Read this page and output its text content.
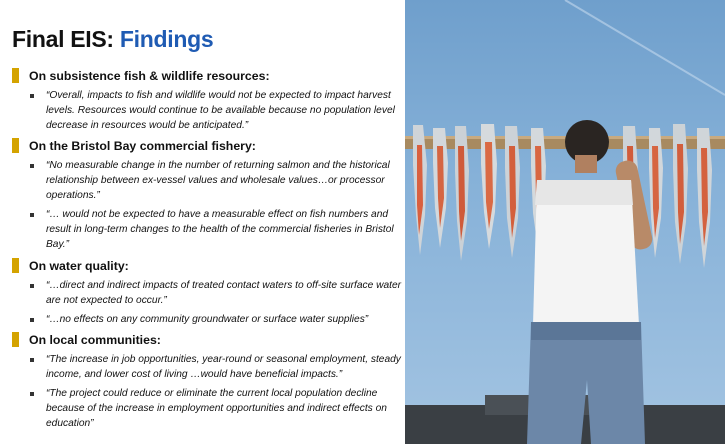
Final EIS: Findings
On subsistence fish & wildlife resources:
“Overall, impacts to fish and wildlife would not be expected to impact harvest levels. Resources would continue to be available because no population level decrease in resources would be anticipated.”
On the Bristol Bay commercial fishery:
“No measurable change in the number of returning salmon and the historical relationship between ex-vessel values and wholesale values…or processor operations.”
“… would not be expected to have a measurable effect on fish numbers and result in long-term changes to the health of the commercial fisheries in Bristol Bay.”
On water quality:
“…direct and indirect impacts of treated contact waters to off-site surface water are not expected to occur.”
“…no effects on any community groundwater or surface water supplies”
On local communities:
“The increase in job opportunities, year-round or seasonal employment, steady income, and lower cost of living …would have beneficial impacts.”
“The project could reduce or eliminate the current local population decline because of the increase in employment opportunities and indirect effects on education”
